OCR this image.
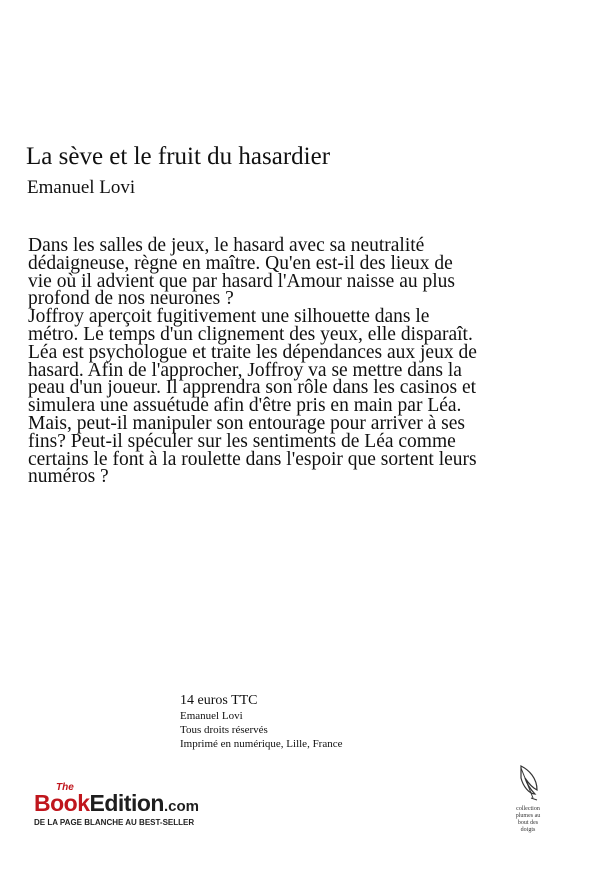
La sève et le fruit du hasardier
Emanuel Lovi

Dans les salles de jeux, le hasard avec sa neutralité dédaigneuse, règne en maître. Qu'en est-il des lieux de vie où il advient que par hasard l'Amour naisse au plus profond de nos neurones ?

Joffroy aperçoit fugitivement une silhouette dans le métro. Le temps d'un clignement des yeux, elle disparaît. Léa est psychologue et traite les dépendances aux jeux de hasard. Afin de l'approcher, Joffroy va se mettre dans la peau d'un joueur. Il apprendra son rôle dans les casinos et simulera une assuétude afin d'être pris en main par Léa. Mais, peut-il manipuler son entourage pour arriver à ses fins? Peut-il spéculer sur les sentiments de Léa comme certains le font à la roulette dans l'espoir que sortent leurs numéros ?

14 euros TTC
Emanuel Lovi
Tous droits réservés
Imprimé en numérique, Lille, France
The
BookEdition.com
DE LA PAGE BLANCHE AU BEST-SELLER
collection
plumes au
bout des
doigts
